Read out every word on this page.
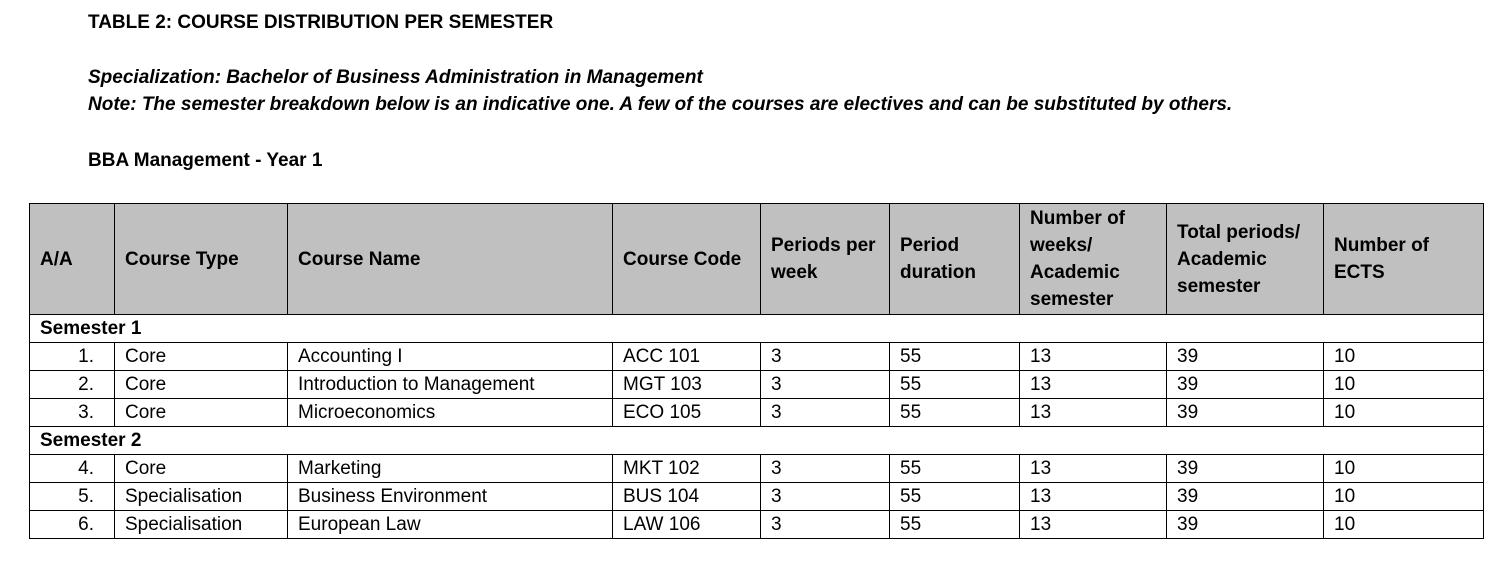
TABLE 2: COURSE DISTRIBUTION PER SEMESTER
Specialization: Bachelor of Business Administration in Management
Note: The semester breakdown below is an indicative one. A few of the courses are electives and can be substituted by others.
BBA Management - Year 1
A/A	Course Type	Course Name	Course Code	Periods per week	Period duration	Number of weeks/ Academic semester	Total periods/ Academic semester	Number of ECTS
Semester 1								
1.	Core	Accounting I	ACC 101	3	55	13	39	10
2.	Core	Introduction to Management	MGT 103	3	55	13	39	10
3.	Core	Microeconomics	ECO 105	3	55	13	39	10
Semester 2								
4.	Core	Marketing	MKT 102	3	55	13	39	10
5.	Specialisation	Business Environment	BUS 104	3	55	13	39	10
6.	Specialisation	European Law	LAW 106	3	55	13	39	10
